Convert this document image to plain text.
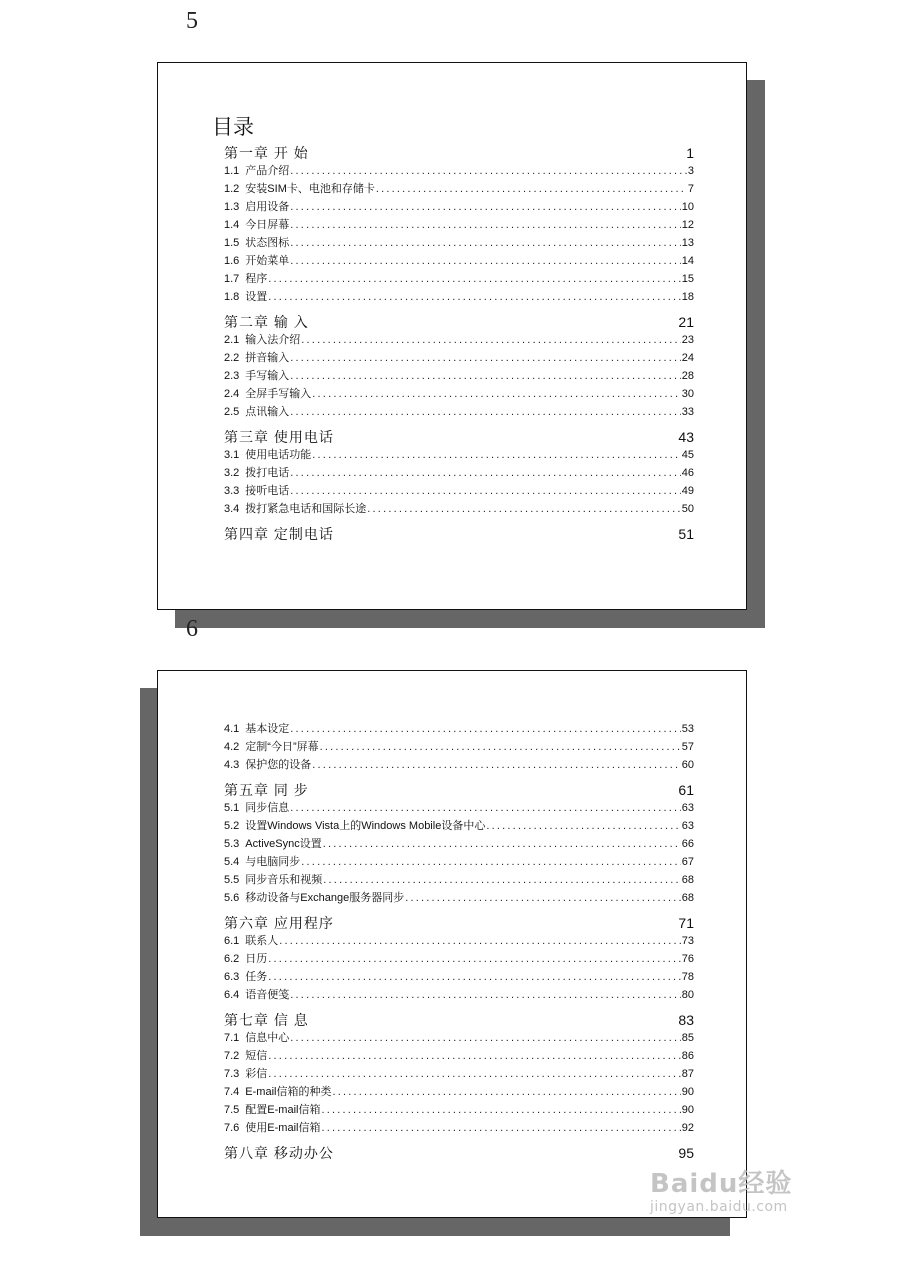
5
目录
第一章 开 始	1
1.1 产品介绍 .....	3
1.2 安装SIM卡、电池和存储卡 .....	7
1.3 启用设备 .....	10
1.4 今日屏幕 .....	12
1.5 状态图标 .....	13
1.6 开始菜单 .....	14
1.7 程序 .....	15
1.8 设置 .....	18
第二章 输 入	21
2.1 输入法介绍 .....	23
2.2 拼音输入 .....	24
2.3 手写输入 .....	28
2.4 全屏手写输入 .....	30
2.5 点讯输入 .....	33
第三章 使用电话	43
3.1 使用电话功能 .....	45
3.2 拨打电话 .....	46
3.3 接听电话 .....	49
3.4 拨打紧急电话和国际长途 .....	50
第四章 定制电话	51
6
4.1 基本设定 .....	53
4.2 定制“今日”屏幕 .....	57
4.3 保护您的设备 .....	60
第五章 同 步	61
5.1 同步信息 .....	63
5.2 设置Windows Vista上的Windows Mobile设备中心 .....	63
5.3 ActiveSync设置 .....	66
5.4 与电脑同步 .....	67
5.5 同步音乐和视频 .....	68
5.6 移动设备与Exchange服务器同步 .....	68
第六章 应用程序	71
6.1 联系人 .....	73
6.2 日历 .....	76
6.3 任务 .....	78
6.4 语音便笺 .....	80
第七章 信 息	83
7.1 信息中心 .....	85
7.2 短信 .....	86
7.3 彩信 .....	87
7.4 E-mail信箱的种类 .....	90
7.5 配置E-mail信箱 .....	90
7.6 使用E-mail信箱 .....	92
第八章 移动办公	95
Baidu经验
jingyan.baidu.com
